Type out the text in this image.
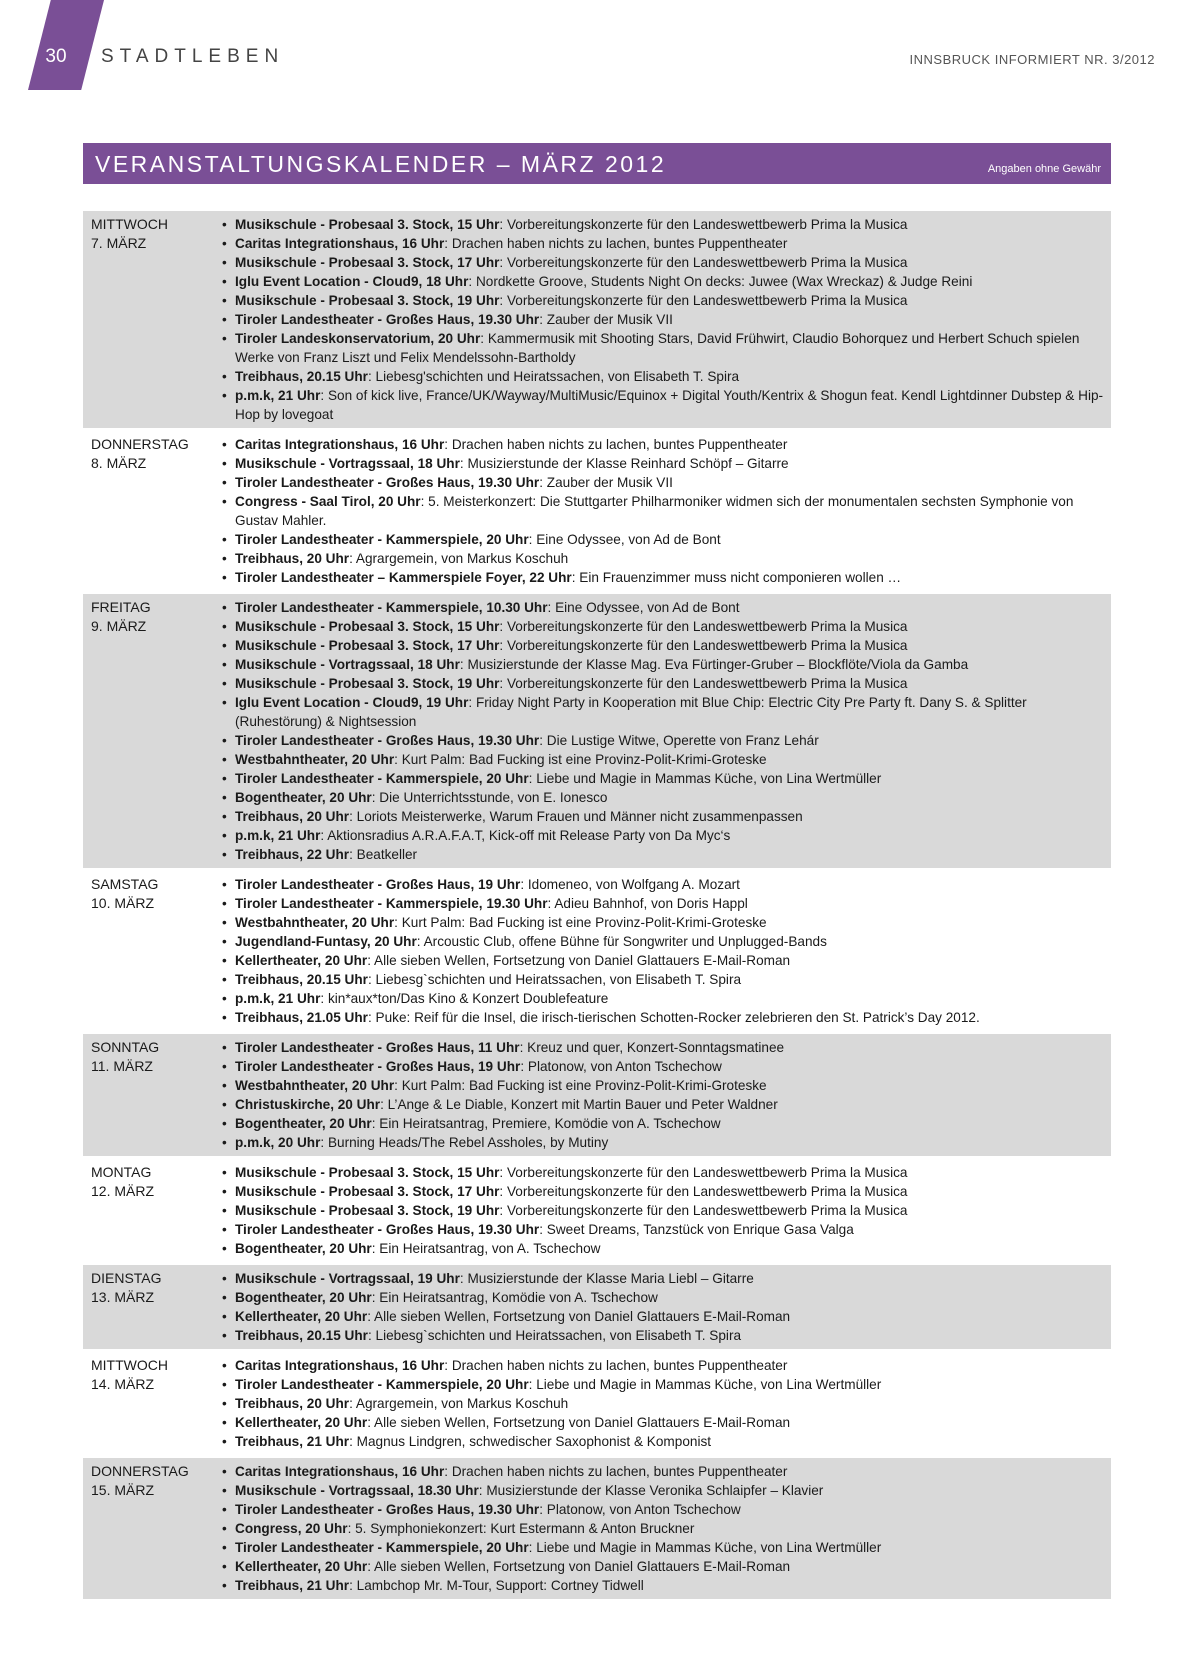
30 STADTLEBEN	INNSBRUCK INFORMIERT NR. 3/2012
VERANSTALTUNGSKALENDER – MÄRZ 2012	Angaben ohne Gewähr
MITTWOCH
7. MÄRZ
• Musikschule - Probesaal 3. Stock, 15 Uhr: Vorbereitungskonzerte für den Landeswettbewerb Prima la Musica
• Caritas Integrationshaus, 16 Uhr: Drachen haben nichts zu lachen, buntes Puppentheater
• Musikschule - Probesaal 3. Stock, 17 Uhr: Vorbereitungskonzerte für den Landeswettbewerb Prima la Musica
• Iglu Event Location - Cloud9, 18 Uhr: Nordkette Groove, Students Night On decks: Juwee (Wax Wreckaz) & Judge Reini
• Musikschule - Probesaal 3. Stock, 19 Uhr: Vorbereitungskonzerte für den Landeswettbewerb Prima la Musica
• Tiroler Landestheater - Großes Haus, 19.30 Uhr: Zauber der Musik VII
• Tiroler Landeskonservatorium, 20 Uhr: Kammermusik mit Shooting Stars, David Frühwirt, Claudio Bohorquez und Herbert Schuch spielen Werke von Franz Liszt und Felix Mendelssohn-Bartholdy
• Treibhaus, 20.15 Uhr: Liebesg'schichten und Heiratssachen, von Elisabeth T. Spira
• p.m.k, 21 Uhr: Son of kick live, France/UK/Wayway/MultiMusic/Equinox + Digital Youth/Kentrix & Shogun feat. Kendl Lightdinner Dubstep & Hip-Hop by lovegoat
DONNERSTAG
8. MÄRZ
• Caritas Integrationshaus, 16 Uhr: Drachen haben nichts zu lachen, buntes Puppentheater
• Musikschule - Vortragssaal, 18 Uhr: Musizierstunde der Klasse Reinhard Schöpf – Gitarre
• Tiroler Landestheater - Großes Haus, 19.30 Uhr: Zauber der Musik VII
• Congress - Saal Tirol, 20 Uhr: 5. Meisterkonzert: Die Stuttgarter Philharmoniker widmen sich der monumentalen sechsten Symphonie von Gustav Mahler.
• Tiroler Landestheater - Kammerspiele, 20 Uhr: Eine Odyssee, von Ad de Bont
• Treibhaus, 20 Uhr: Agrargemein, von Markus Koschuh
• Tiroler Landestheater – Kammerspiele Foyer, 22 Uhr: Ein Frauenzimmer muss nicht componieren wollen …
FREITAG
9. MÄRZ
• Tiroler Landestheater - Kammerspiele, 10.30 Uhr: Eine Odyssee, von Ad de Bont
• Musikschule - Probesaal 3. Stock, 15 Uhr: Vorbereitungskonzerte für den Landeswettbewerb Prima la Musica
• Musikschule - Probesaal 3. Stock, 17 Uhr: Vorbereitungskonzerte für den Landeswettbewerb Prima la Musica
• Musikschule - Vortragssaal, 18 Uhr: Musizierstunde der Klasse Mag. Eva Fürtinger-Gruber – Blockflöte/Viola da Gamba
• Musikschule - Probesaal 3. Stock, 19 Uhr: Vorbereitungskonzerte für den Landeswettbewerb Prima la Musica
• Iglu Event Location - Cloud9, 19 Uhr: Friday Night Party in Kooperation mit Blue Chip: Electric City Pre Party ft. Dany S. & Splitter (Ruhestörung) & Nightsession
• Tiroler Landestheater - Großes Haus, 19.30 Uhr: Die Lustige Witwe, Operette von Franz Lehár
• Westbahntheater, 20 Uhr: Kurt Palm: Bad Fucking ist eine Provinz-Polit-Krimi-Groteske
• Tiroler Landestheater - Kammerspiele, 20 Uhr: Liebe und Magie in Mammas Küche, von Lina Wertmüller
• Bogentheater, 20 Uhr: Die Unterrichtsstunde, von E. Ionesco
• Treibhaus, 20 Uhr: Loriots Meisterwerke, Warum Frauen und Männer nicht zusammenpassen
• p.m.k, 21 Uhr: Aktionsradius A.R.A.F.A.T, Kick-off mit Release Party von Da Myc‘s
• Treibhaus, 22 Uhr: Beatkeller
SAMSTAG
10. MÄRZ
• Tiroler Landestheater - Großes Haus, 19 Uhr: Idomeneo, von Wolfgang A. Mozart
• Tiroler Landestheater - Kammerspiele, 19.30 Uhr: Adieu Bahnhof, von Doris Happl
• Westbahntheater, 20 Uhr: Kurt Palm: Bad Fucking ist eine Provinz-Polit-Krimi-Groteske
• Jugendland-Funtasy, 20 Uhr: Arcoustic Club, offene Bühne für Songwriter und Unplugged-Bands
• Kellertheater, 20 Uhr: Alle sieben Wellen, Fortsetzung von Daniel Glattauers E-Mail-Roman
• Treibhaus, 20.15 Uhr: Liebesg`schichten und Heiratssachen, von Elisabeth T. Spira
• p.m.k, 21 Uhr: kin*aux*ton/Das Kino & Konzert Doublefeature
• Treibhaus, 21.05 Uhr: Puke: Reif für die Insel, die irisch-tierischen Schotten-Rocker zelebrieren den St. Patrick’s Day 2012.
SONNTAG
11. MÄRZ
• Tiroler Landestheater - Großes Haus, 11 Uhr: Kreuz und quer, Konzert-Sonntagsmatinee
• Tiroler Landestheater - Großes Haus, 19 Uhr: Platonow, von Anton Tschechow
• Westbahntheater, 20 Uhr: Kurt Palm: Bad Fucking ist eine Provinz-Polit-Krimi-Groteske
• Christuskirche, 20 Uhr: L’Ange & Le Diable, Konzert mit Martin Bauer und Peter Waldner
• Bogentheater, 20 Uhr: Ein Heiratsantrag, Premiere, Komödie von A. Tschechow
• p.m.k, 20 Uhr: Burning Heads/The Rebel Assholes, by Mutiny
MONTAG
12. MÄRZ
• Musikschule - Probesaal 3. Stock, 15 Uhr: Vorbereitungskonzerte für den Landeswettbewerb Prima la Musica
• Musikschule - Probesaal 3. Stock, 17 Uhr: Vorbereitungskonzerte für den Landeswettbewerb Prima la Musica
• Musikschule - Probesaal 3. Stock, 19 Uhr: Vorbereitungskonzerte für den Landeswettbewerb Prima la Musica
• Tiroler Landestheater - Großes Haus, 19.30 Uhr: Sweet Dreams, Tanzstück von Enrique Gasa Valga
• Bogentheater, 20 Uhr: Ein Heiratsantrag, von A. Tschechow
DIENSTAG
13. MÄRZ
• Musikschule - Vortragssaal, 19 Uhr: Musizierstunde der Klasse Maria Liebl – Gitarre
• Bogentheater, 20 Uhr: Ein Heiratsantrag, Komödie von A. Tschechow
• Kellertheater, 20 Uhr: Alle sieben Wellen, Fortsetzung von Daniel Glattauers E-Mail-Roman
• Treibhaus, 20.15 Uhr: Liebesg`schichten und Heiratssachen, von Elisabeth T. Spira
MITTWOCH
14. MÄRZ
• Caritas Integrationshaus, 16 Uhr: Drachen haben nichts zu lachen, buntes Puppentheater
• Tiroler Landestheater - Kammerspiele, 20 Uhr: Liebe und Magie in Mammas Küche, von Lina Wertmüller
• Treibhaus, 20 Uhr: Agrargemein, von Markus Koschuh
• Kellertheater, 20 Uhr: Alle sieben Wellen, Fortsetzung von Daniel Glattauers E-Mail-Roman
• Treibhaus, 21 Uhr: Magnus Lindgren, schwedischer Saxophonist & Komponist
DONNERSTAG
15. MÄRZ
• Caritas Integrationshaus, 16 Uhr: Drachen haben nichts zu lachen, buntes Puppentheater
• Musikschule - Vortragssaal, 18.30 Uhr: Musizierstunde der Klasse Veronika Schlaipfer – Klavier
• Tiroler Landestheater - Großes Haus, 19.30 Uhr: Platonow, von Anton Tschechow
• Congress, 20 Uhr: 5. Symphoniekonzert: Kurt Estermann & Anton Bruckner
• Tiroler Landestheater - Kammerspiele, 20 Uhr: Liebe und Magie in Mammas Küche, von Lina Wertmüller
• Kellertheater, 20 Uhr: Alle sieben Wellen, Fortsetzung von Daniel Glattauers E-Mail-Roman
• Treibhaus, 21 Uhr: Lambchop Mr. M-Tour, Support: Cortney Tidwell
